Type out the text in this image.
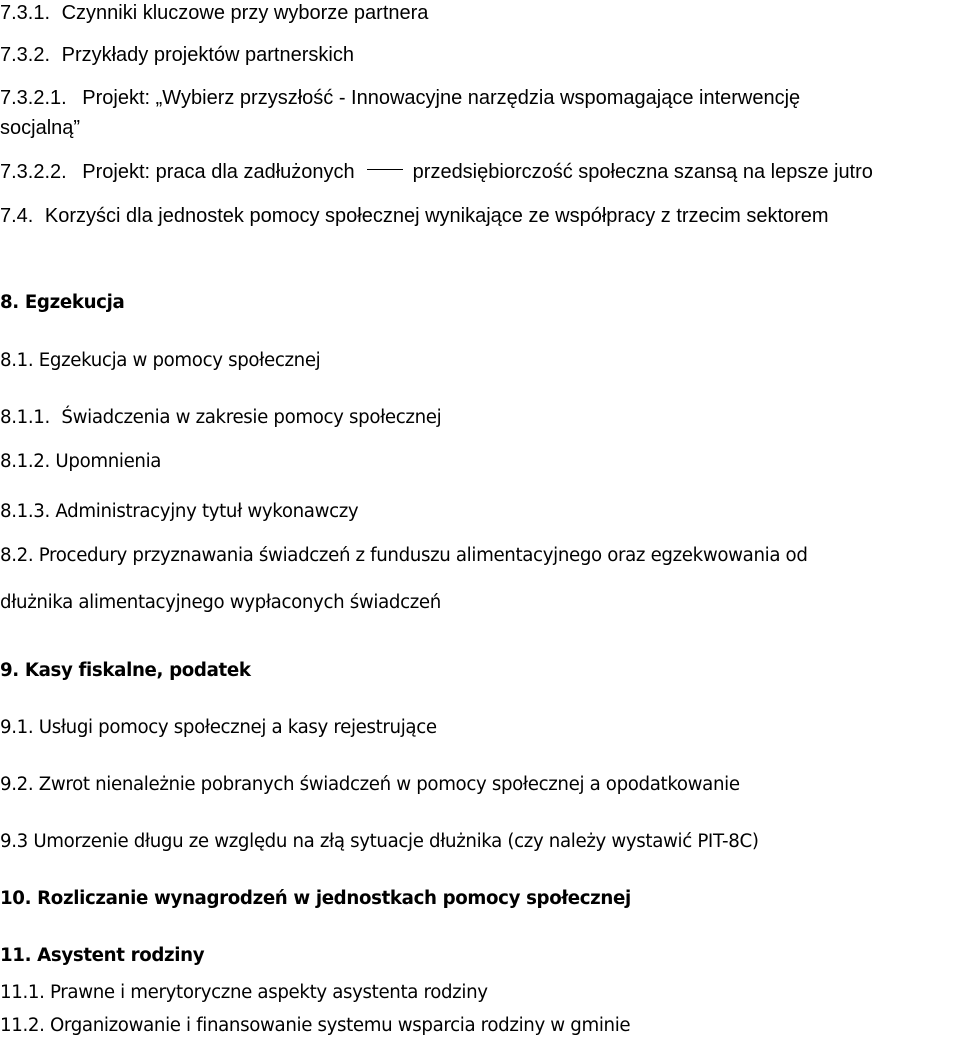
7.3.1. Czynniki kluczowe przy wyborze partnera
7.3.2. Przykłady projektów partnerskich
7.3.2.1. Projekt: „Wybierz przyszłość - Innowacyjne narzędzia wspomagające interwencję
socjalną”
7.3.2.2. Projekt: praca dla zadłużonych	przedsiębiorczość społeczna szansą na lepsze jutro
7.4. Korzyści dla jednostek pomocy społecznej wynikające ze współpracy z trzecim sektorem
8. Egzekucja
8.1. Egzekucja w pomocy społecznej
8.1.1. Świadczenia w zakresie pomocy społecznej
8.1.2. Upomnienia
8.1.3. Administracyjny tytuł wykonawczy
8.2. Procedury przyznawania świadczeń z funduszu alimentacyjnego oraz egzekwowania od
dłużnika alimentacyjnego wypłaconych świadczeń
9. Kasy fiskalne, podatek
9.1. Usługi pomocy społecznej a kasy rejestrujące
9.2. Zwrot nienależnie pobranych świadczeń w pomocy społecznej a opodatkowanie
9.3 Umorzenie długu ze względu na złą sytuacje dłużnika (czy należy wystawić PIT-8C)
10. Rozliczanie wynagrodzeń w jednostkach pomocy społecznej
11. Asystent rodziny
11.1. Prawne i merytoryczne aspekty asystenta rodziny
11.2. Organizowanie i finansowanie systemu wsparcia rodziny w gminie
